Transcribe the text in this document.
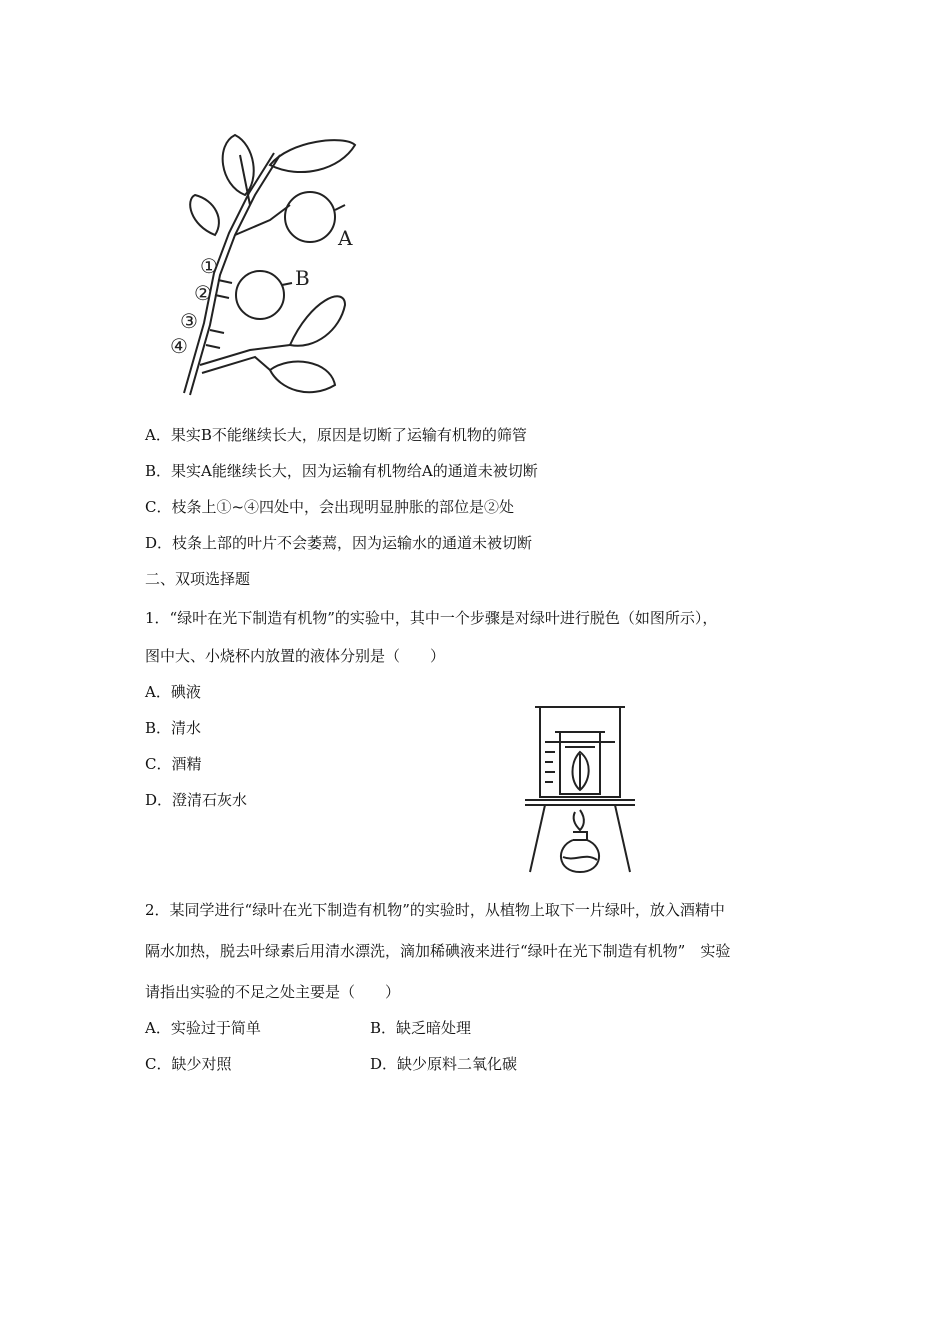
A
B
①
②
③
④
A．果实B不能继续长大，原因是切断了运输有机物的筛管
B．果实A能继续长大，因为运输有机物给A的通道未被切断
C．枝条上①~④四处中，会出现明显肿胀的部位是②处
D．枝条上部的叶片不会萎蔫，因为运输水的通道未被切断
二、双项选择题
1．“绿叶在光下制造有机物”的实验中，其中一个步骤是对绿叶进行脱色（如图所示），
图中大、小烧杯内放置的液体分别是（　　）
A．碘液
B．清水
C．酒精
D．澄清石灰水
2．某同学进行“绿叶在光下制造有机物”的实验时，从植物上取下一片绿叶，放入酒精中
隔水加热，脱去叶绿素后用清水漂洗，滴加稀碘液来进行“绿叶在光下制造有机物”　实验
请指出实验的不足之处主要是（　　）
A．实验过于简单	B．缺乏暗处理
C．缺少对照	D．缺少原料二氧化碳
